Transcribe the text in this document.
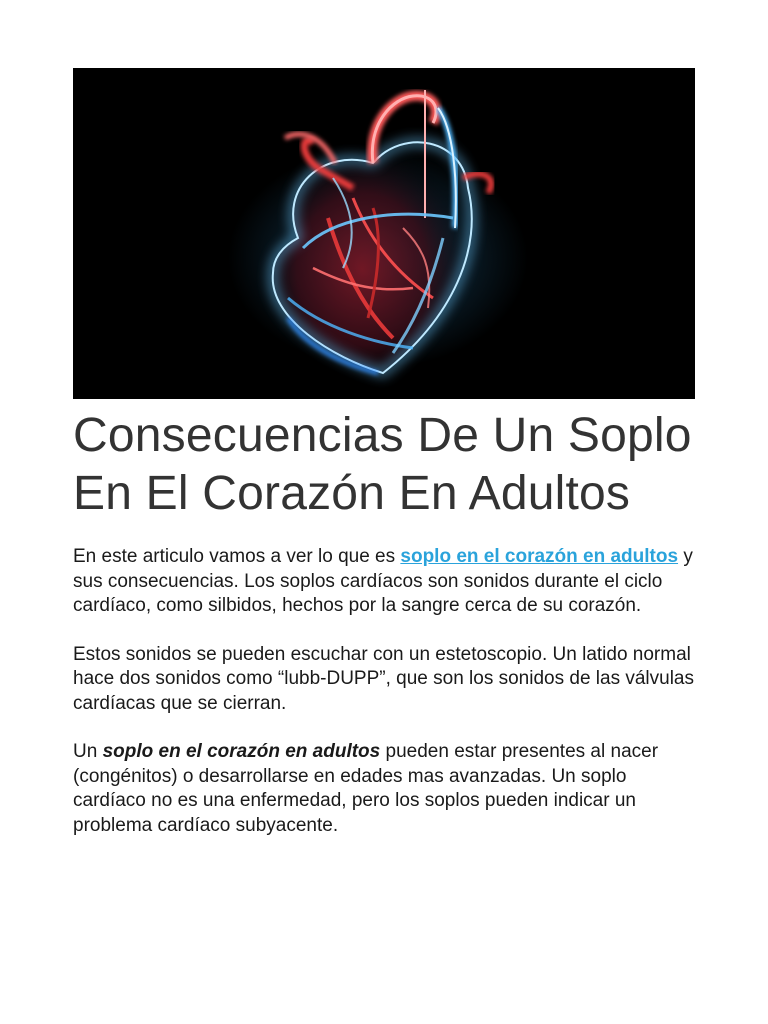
Consecuencias De Un Soplo En El Corazón En Adultos

En este articulo vamos a ver lo que es soplo en el corazón en adultos y sus consecuencias. Los soplos cardíacos son sonidos durante el ciclo cardíaco, como silbidos, hechos por la sangre cerca de su corazón.

Estos sonidos se pueden escuchar con un estetoscopio. Un latido normal hace dos sonidos como “lubb-DUPP”, que son los sonidos de las válvulas cardíacas que se cierran.

Un soplo en el corazón en adultos pueden estar presentes al nacer (congénitos) o desarrollarse en edades mas avanzadas. Un soplo cardíaco no es una enfermedad, pero los soplos pueden indicar un problema cardíaco subyacente.
